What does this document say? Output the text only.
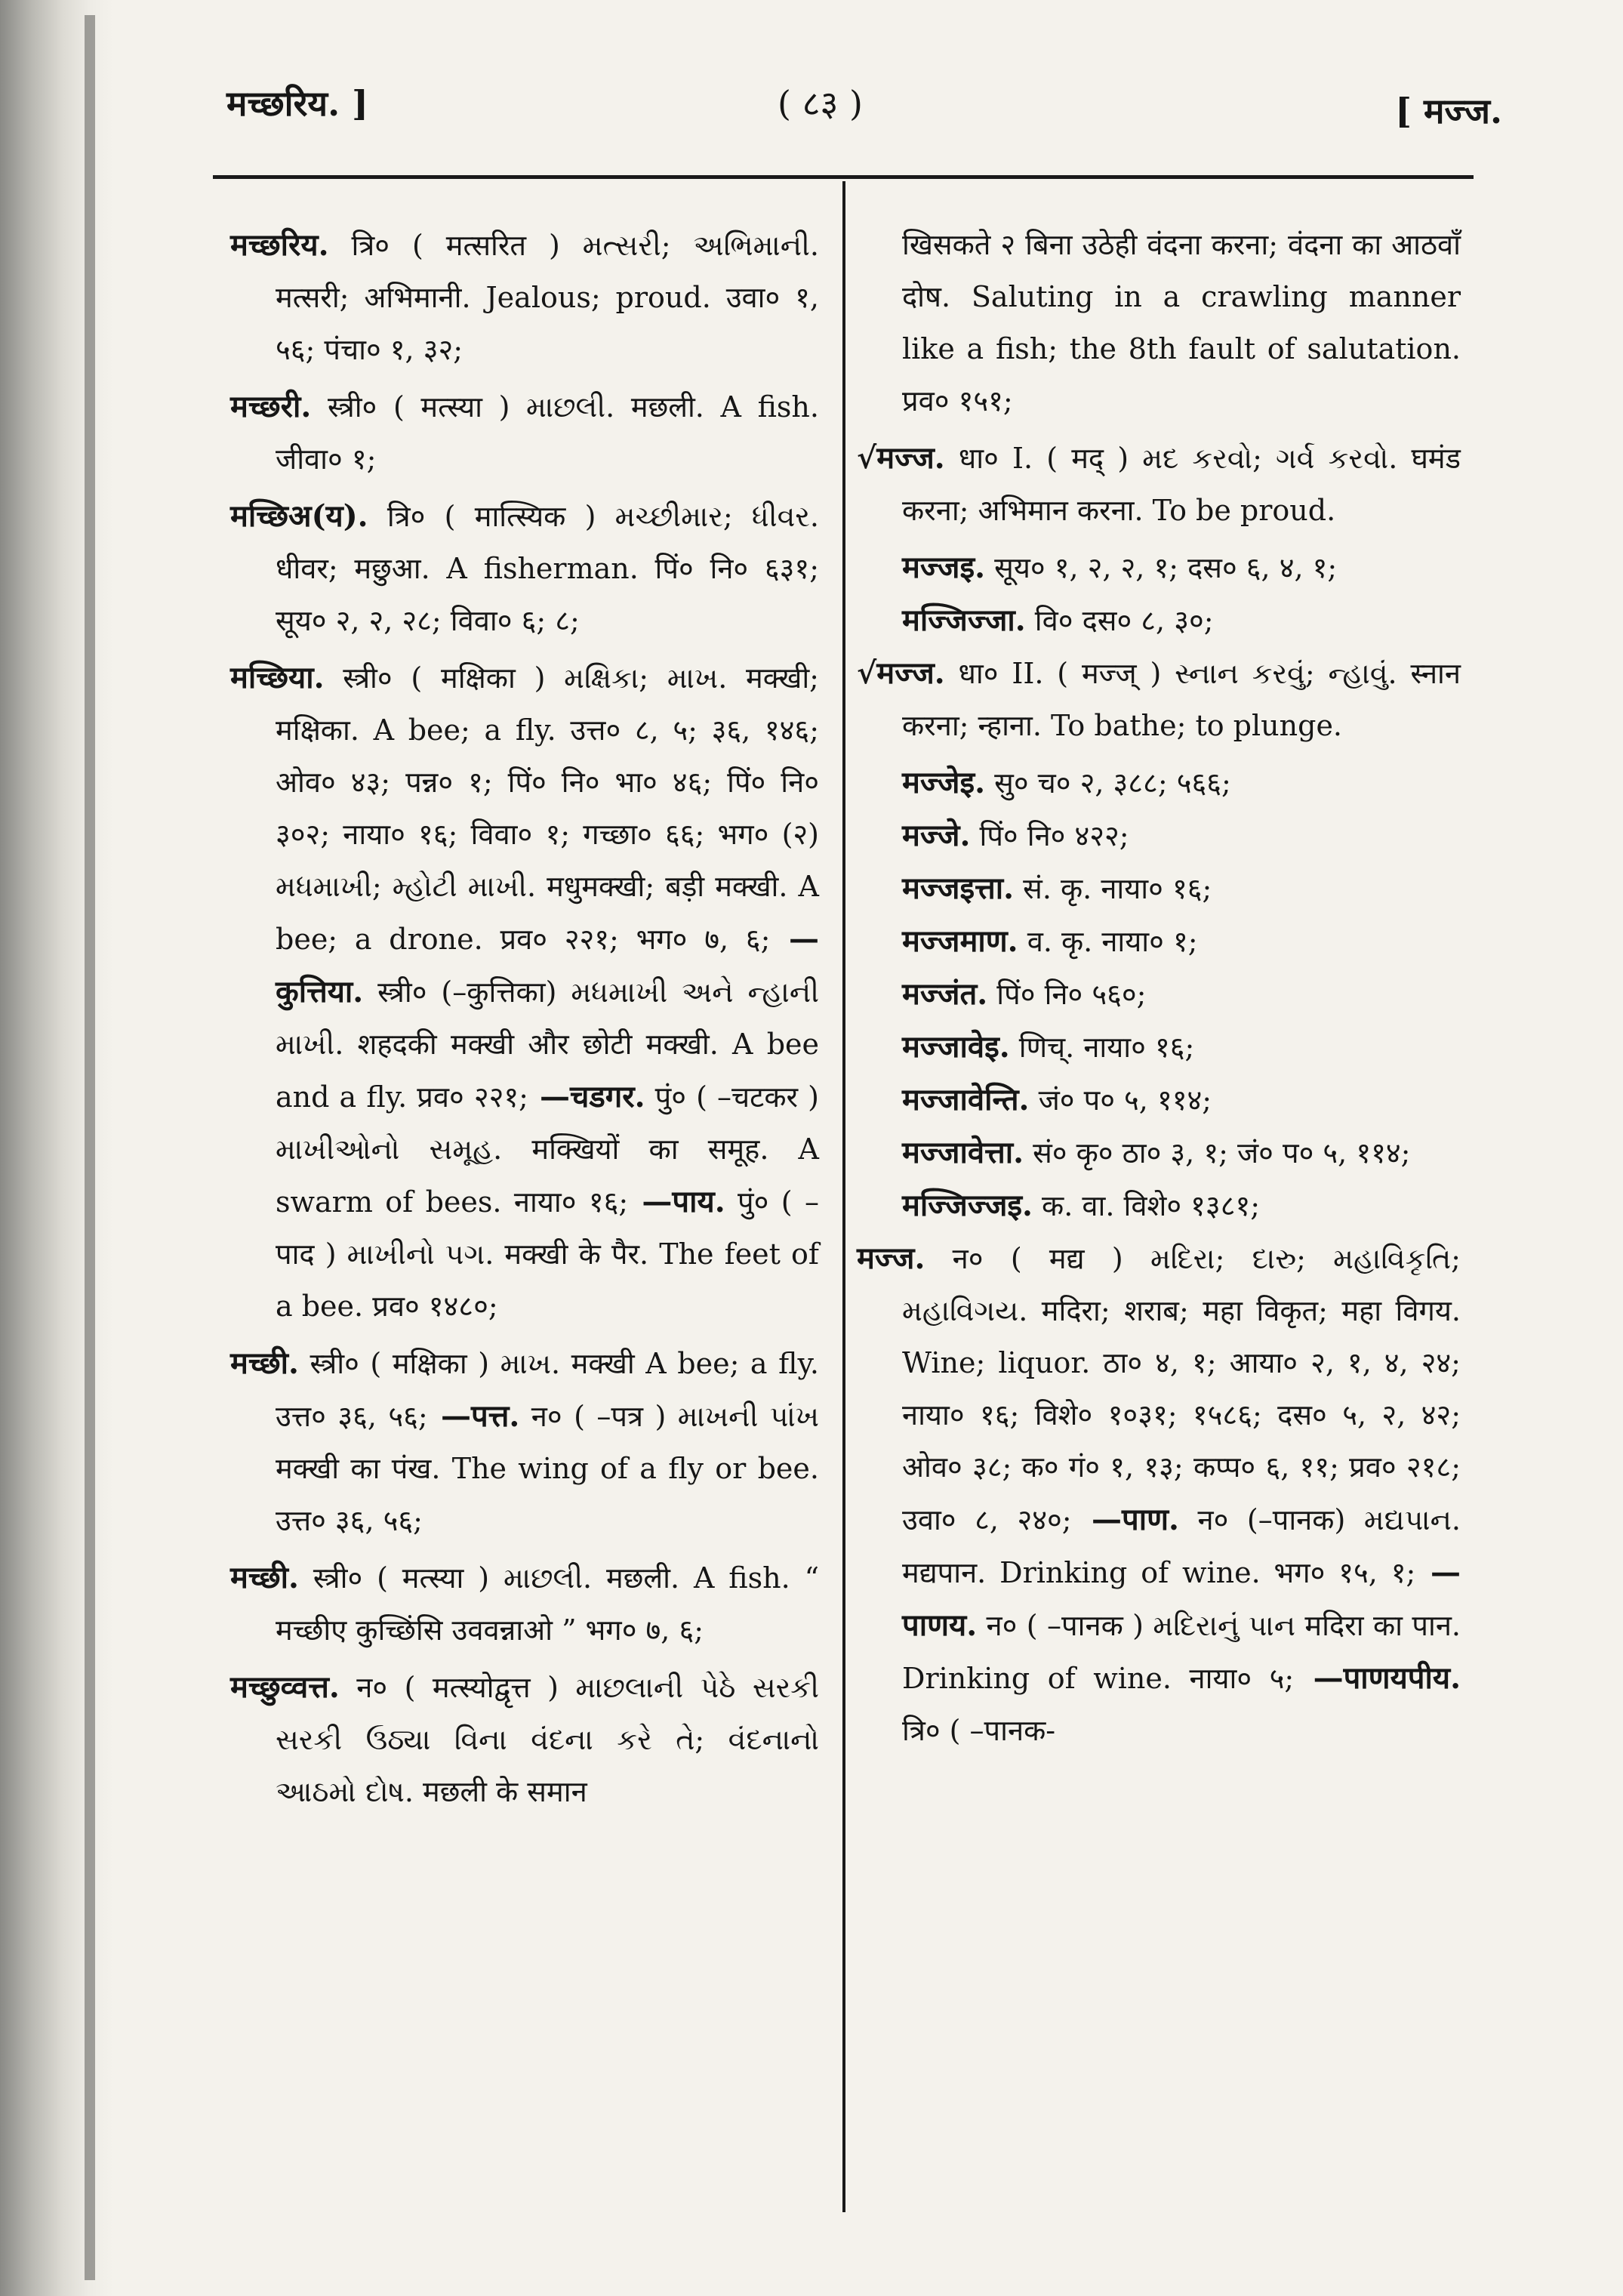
मच्छरिय. ]	( ८३ )	[ मज्ज.

मच्छरिय. त्रि० ( मत्सरित ) મત્સરી; અભિમાની. मत्सरी; अभिमानी. Jealous; proud. उवा० १, ५६; पंचा० १, ३२;

मच्छरी. स्त्री० ( मत्स्या ) માછલી. मछली. A fish. जीवा० १;

मच्छिअ(य). त्रि० ( मात्स्यिक ) મચ્છીમાર; ધીવર. धीवर; मछुआ. A fisherman. पिं० नि० ६३१; सूय० २, २, २८; विवा० ६; ८;

मच्छिया. स्त्री० ( मक्षिका ) મક્ષિકા; માખ. मक्खी; मक्षिका. A bee; a fly. उत्त० ८, ५; ३६, १४६; ओव० ४३; पन्न० १; पिं० नि० भा० ४६; पिं० नि० ३०२; नाया० १६; विवा० १; गच्छा० ६६; भग० (२) મધમાખી; મ્હોટી માખી. मधुमक्खी; बड़ी मक्खी. A bee; a drone. प्रव० २२१; भग० ७, ६; —कुत्तिया. स्त्री० (–कुत्तिका) મધમાખી અને ન્હાની માખી. शहदकी मक्खी और छोटी मक्खी. A bee and a fly. प्रव० २२१; —चडगर. पुं० ( –चटकर ) માખીઓનો સમૂહ. मक्खियों का समूह. A swarm of bees. नाया० १६; —पाय. पुं० ( –पाद ) માખીનો પગ. मक्खी के पैर. The feet of a bee. प्रव० १४८०;

मच्छी. स्त्री० ( मक्षिका ) માખ. मक्खी A bee; a fly. उत्त० ३६, ५६; —पत्त. न० ( –पत्र ) માખની પાંખ मक्खी का पंख. The wing of a fly or bee. उत्त० ३६, ५६;

मच्छी. स्त्री० ( मत्स्या ) માછલી. मछली. A fish. “ मच्छीए कुच्छिंसि उववन्नाओ ” भग० ७, ६;

मच्छुव्वत्त. न० ( मत्स्योद्वृत्त ) માછલાની પેઠે સરકી સરકી ઉઠ્યા વિના વંદના કરે તે; વંદનાનો આઠમો દોષ. मछली के समान

खिसकते २ बिना उठेही वंदना करना; वंदना का आठवाँ दोष. Saluting in a crawling manner like a fish; the 8th fault of salutation. प्रव० १५१;

√मज्ज. धा० I. ( मद् ) મદ કરવો; ગર્વ કરવો. घमंड करना; अभिमान करना. To be proud.

मज्जइ. सूय० १, २, २, १; दस० ६, ४, १;

मज्जिज्जा. वि० दस० ८, ३०;

√मज्ज. धा० II. ( मज्ज् ) સ્નાન કરવું; ન્હાવું. स्नान करना; न्हाना. To bathe; to plunge.

मज्जेइ. सु० च० २, ३८८; ५६६;

मज्जे. पिं० नि० ४२२;

मज्जइत्ता. सं. कृ. नाया० १६;

मज्जमाण. व. कृ. नाया० १;

मज्जंत. पिं० नि० ५६०;

मज्जावेइ. णिच्. नाया० १६;

मज्जावेन्ति. जं० प० ५, ११४;

मज्जावेत्ता. सं० कृ० ठा० ३, १; जं० प० ५, ११४;

मज्जिज्जइ. क. वा. विशे० १३८१;

मज्ज. न० ( मद्य ) મદિરા; દારુ; મહાવિકૃતિ; મહાવિગય. मदिरा; शराब; महा विकृत; महा विगय. Wine; liquor. ठा० ४, १; आया० २, १, ४, २४; नाया० १६; विशे० १०३१; १५८६; दस० ५, २, ४२; ओव० ३८; क० गं० १, १३; कप्प० ६, ११; प्रव० २१८; उवा० ८, २४०; —पाण. न० (–पानक) મદ્યપાન. मद्यपान. Drinking of wine. भग० १५, १; —पाणय. न० ( –पानक ) મદિરાનું પાન मदिरा का पान. Drinking of wine. नाया० ५; —पाणयपीय. त्रि० ( –पानक-
